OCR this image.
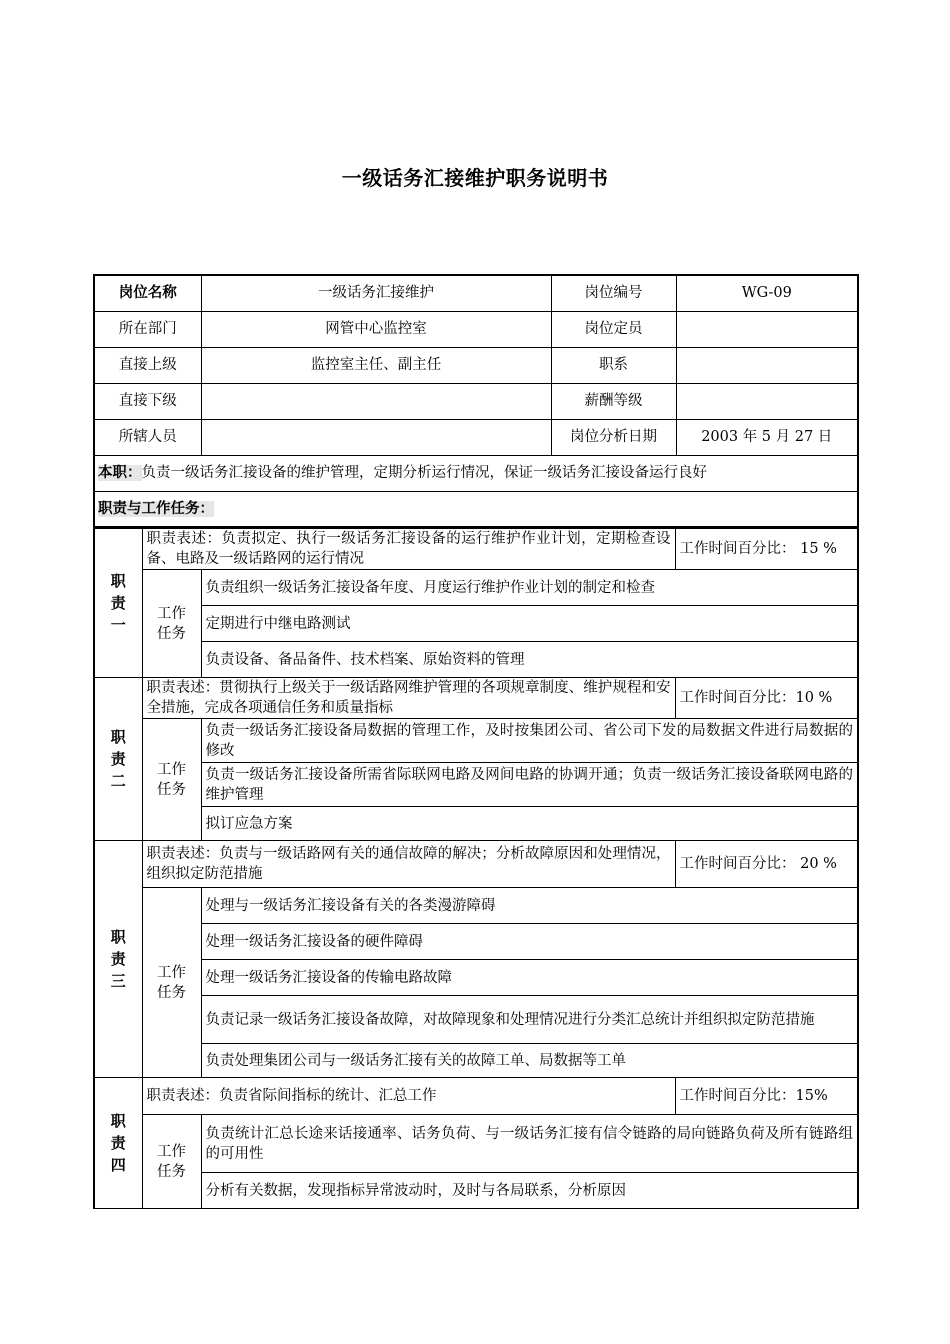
一级话务汇接维护职务说明书
岗位名称	一级话务汇接维护	岗位编号	WG-09
所在部门	网管中心监控室	岗位定员	
直接上级	监控室主任、副主任	职系	
直接下级		薪酬等级	
所辖人员		岗位分析日期	2003 年 5 月 27 日
本职：负责一级话务汇接设备的维护管理，定期分析运行情况，保证一级话务汇接设备运行良好			
职责与工作任务：			
职
责
一	职责表述：负责拟定、执行一级话务汇接设备的运行维护作业计划，定期检查设备、电路及一级话路网的运行情况		工作时间百分比： 15 %

	工作
任务	负责组织一级话务汇接设备年度、月度运行维护作业计划的制定和检查	
		定期进行中继电路测试	
		负责设备、备品备件、技术档案、原始资料的管理	

职
责
二	职责表述：贯彻执行上级关于一级话路网维护管理的各项规章制度、维护规程和安全措施，完成各项通信任务和质量指标		工作时间百分比：10 %

	工作
任务	负责一级话务汇接设备局数据的管理工作，及时按集团公司、省公司下发的局数据文件进行局数据的修改	
		负责一级话务汇接设备所需省际联网电路及网间电路的协调开通；负责一级话务汇接设备联网电路的维护管理	
		拟订应急方案	

职
责
三	职责表述：负责与一级话路网有关的通信故障的解决；分析故障原因和处理情况，组织拟定防范措施		工作时间百分比： 20 %

	工作
任务	处理与一级话务汇接设备有关的各类漫游障碍	
		处理一级话务汇接设备的硬件障碍	
		处理一级话务汇接设备的传输电路故障	
		负责记录一级话务汇接设备故障，对故障现象和处理情况进行分类汇总统计并组织拟定防范措施	
		负责处理集团公司与一级话务汇接有关的故障工单、局数据等工单	

职
责
四	职责表述：负责省际间指标的统计、汇总工作		工作时间百分比：15%

	工作
任务	负责统计汇总长途来话接通率、话务负荷、与一级话务汇接有信令链路的局向链路负荷及所有链路组的可用性	
		分析有关数据，发现指标异常波动时，及时与各局联系，分析原因	
